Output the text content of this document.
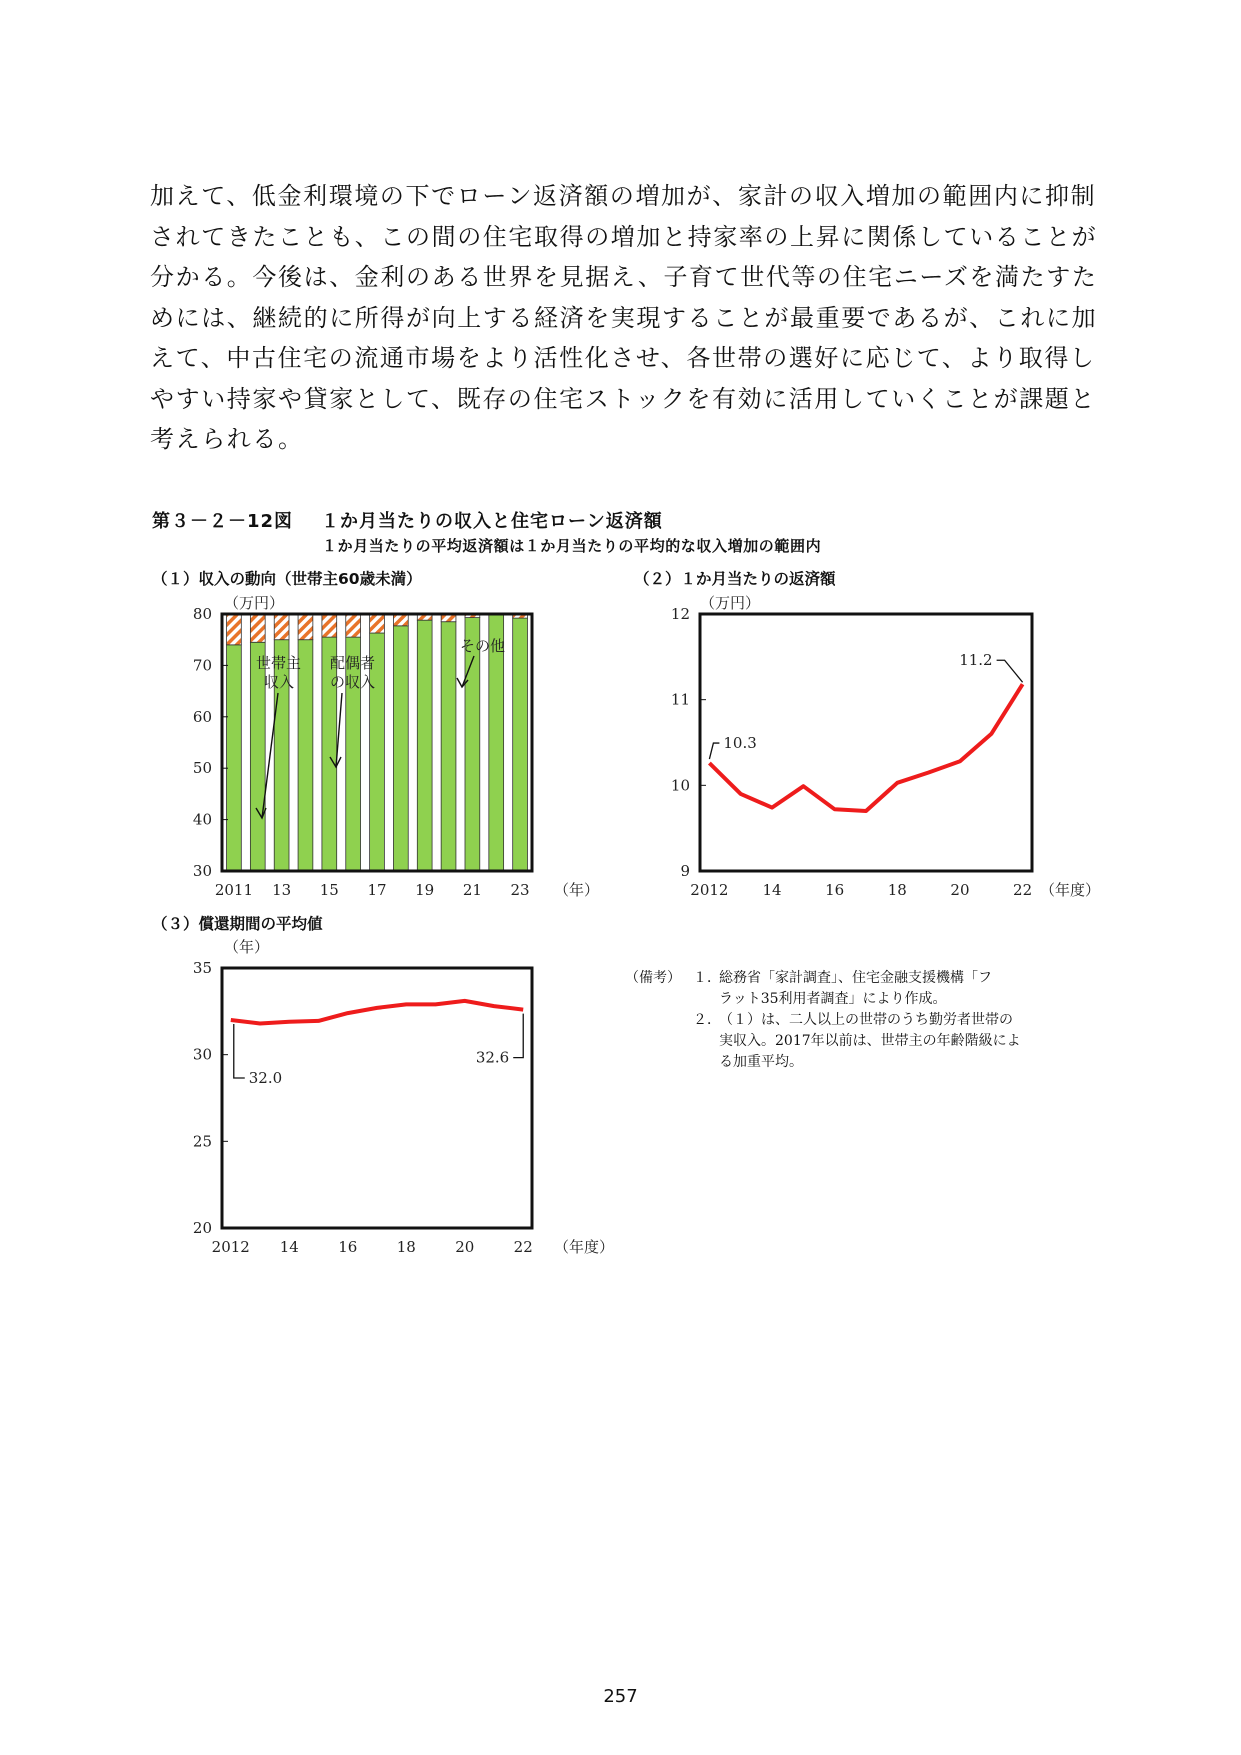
加えて、低金利環境の下でローン返済額の増加が、家計の収入増加の範囲内に抑制

されてきたことも、この間の住宅取得の増加と持家率の上昇に関係していることが

分かる。今後は、金利のある世界を見据え、子育て世代等の住宅ニーズを満たすた

めには、継続的に所得が向上する経済を実現することが最重要であるが、これに加

えて、中古住宅の流通市場をより活性化させ、各世帯の選好に応じて、より取得し

やすい持家や貸家として、既存の住宅ストックを有効に活用していくことが課題と

考えられる。

第３－２－12図 １か月当たりの収入と住宅ローン返済額
１か月当たりの平均返済額は１か月当たりの平均的な収入増加の範囲内
（１）収入の動向（世帯主60歳未満）	（２）１か月当たりの返済額
（３）償還期間の平均値
（万円）
30
40
50
60
70
80
2011 13 15 17 19 21 23 （年）
世帯主
収入
配偶者
の収入
その他
（万円）
9
10
11
12
2012 14	16	18	20	22
10.3
11.2
（年度）
（年）
20
25
30
35
2012 14	16	18	20	22
32.0
32.6
（年度）
（備考） １．
総務省「家計調査」、住宅金融支援機構「フ
ラット35利用者調査」により作成。
２．
（１）は、二人以上の世帯のうち勤労者世帯の
実収入。2017年以前は、世帯主の年齢階級によ
る加重平均。
257
